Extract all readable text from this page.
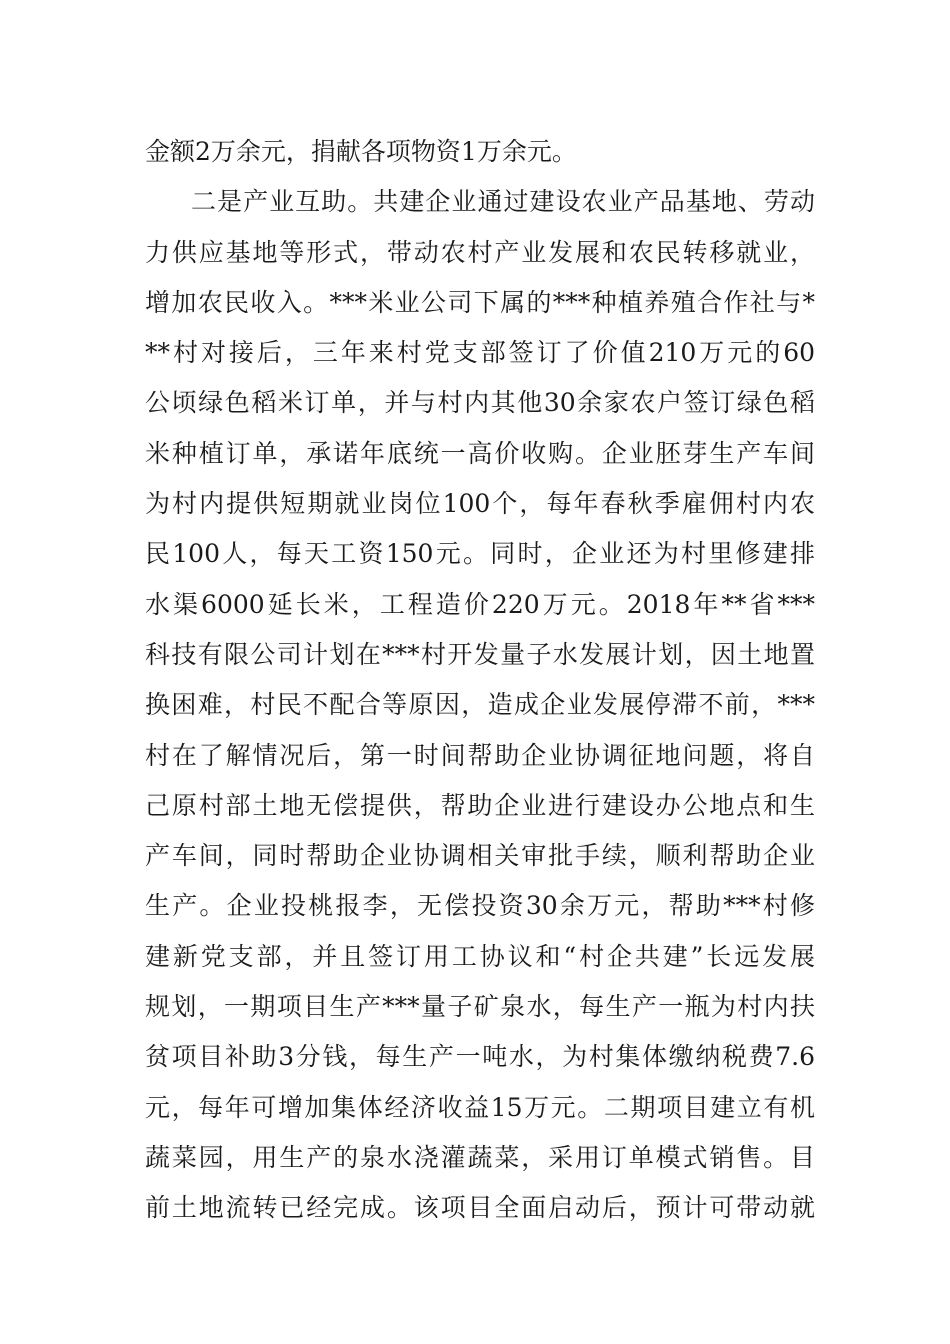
金额2万余元，捐献各项物资1万余元。
二是产业互助。共建企业通过建设农业产品基地、劳动
力供应基地等形式，带动农村产业发展和农民转移就业，
增加农民收入。***米业公司下属的***种植养殖合作社与*
**村对接后，三年来村党支部签订了价值210万元的60
公顷绿色稻米订单，并与村内其他30余家农户签订绿色稻
米种植订单，承诺年底统一高价收购。企业胚芽生产车间
为村内提供短期就业岗位100个，每年春秋季雇佣村内农
民100人，每天工资150元。同时，企业还为村里修建排
水渠6000延长米，工程造价220万元。2018年**省***
科技有限公司计划在***村开发量子水发展计划，因土地置
换困难，村民不配合等原因，造成企业发展停滞不前，***
村在了解情况后，第一时间帮助企业协调征地问题，将自
己原村部土地无偿提供，帮助企业进行建设办公地点和生
产车间，同时帮助企业协调相关审批手续，顺利帮助企业
生产。企业投桃报李，无偿投资30余万元，帮助***村修
建新党支部，并且签订用工协议和“村企共建”长远发展
规划，一期项目生产***量子矿泉水，每生产一瓶为村内扶
贫项目补助3分钱，每生产一吨水，为村集体缴纳税费7.6
元，每年可增加集体经济收益15万元。二期项目建立有机
蔬菜园，用生产的泉水浇灌蔬菜，采用订单模式销售。目
前土地流转已经完成。该项目全面启动后，预计可带动就
